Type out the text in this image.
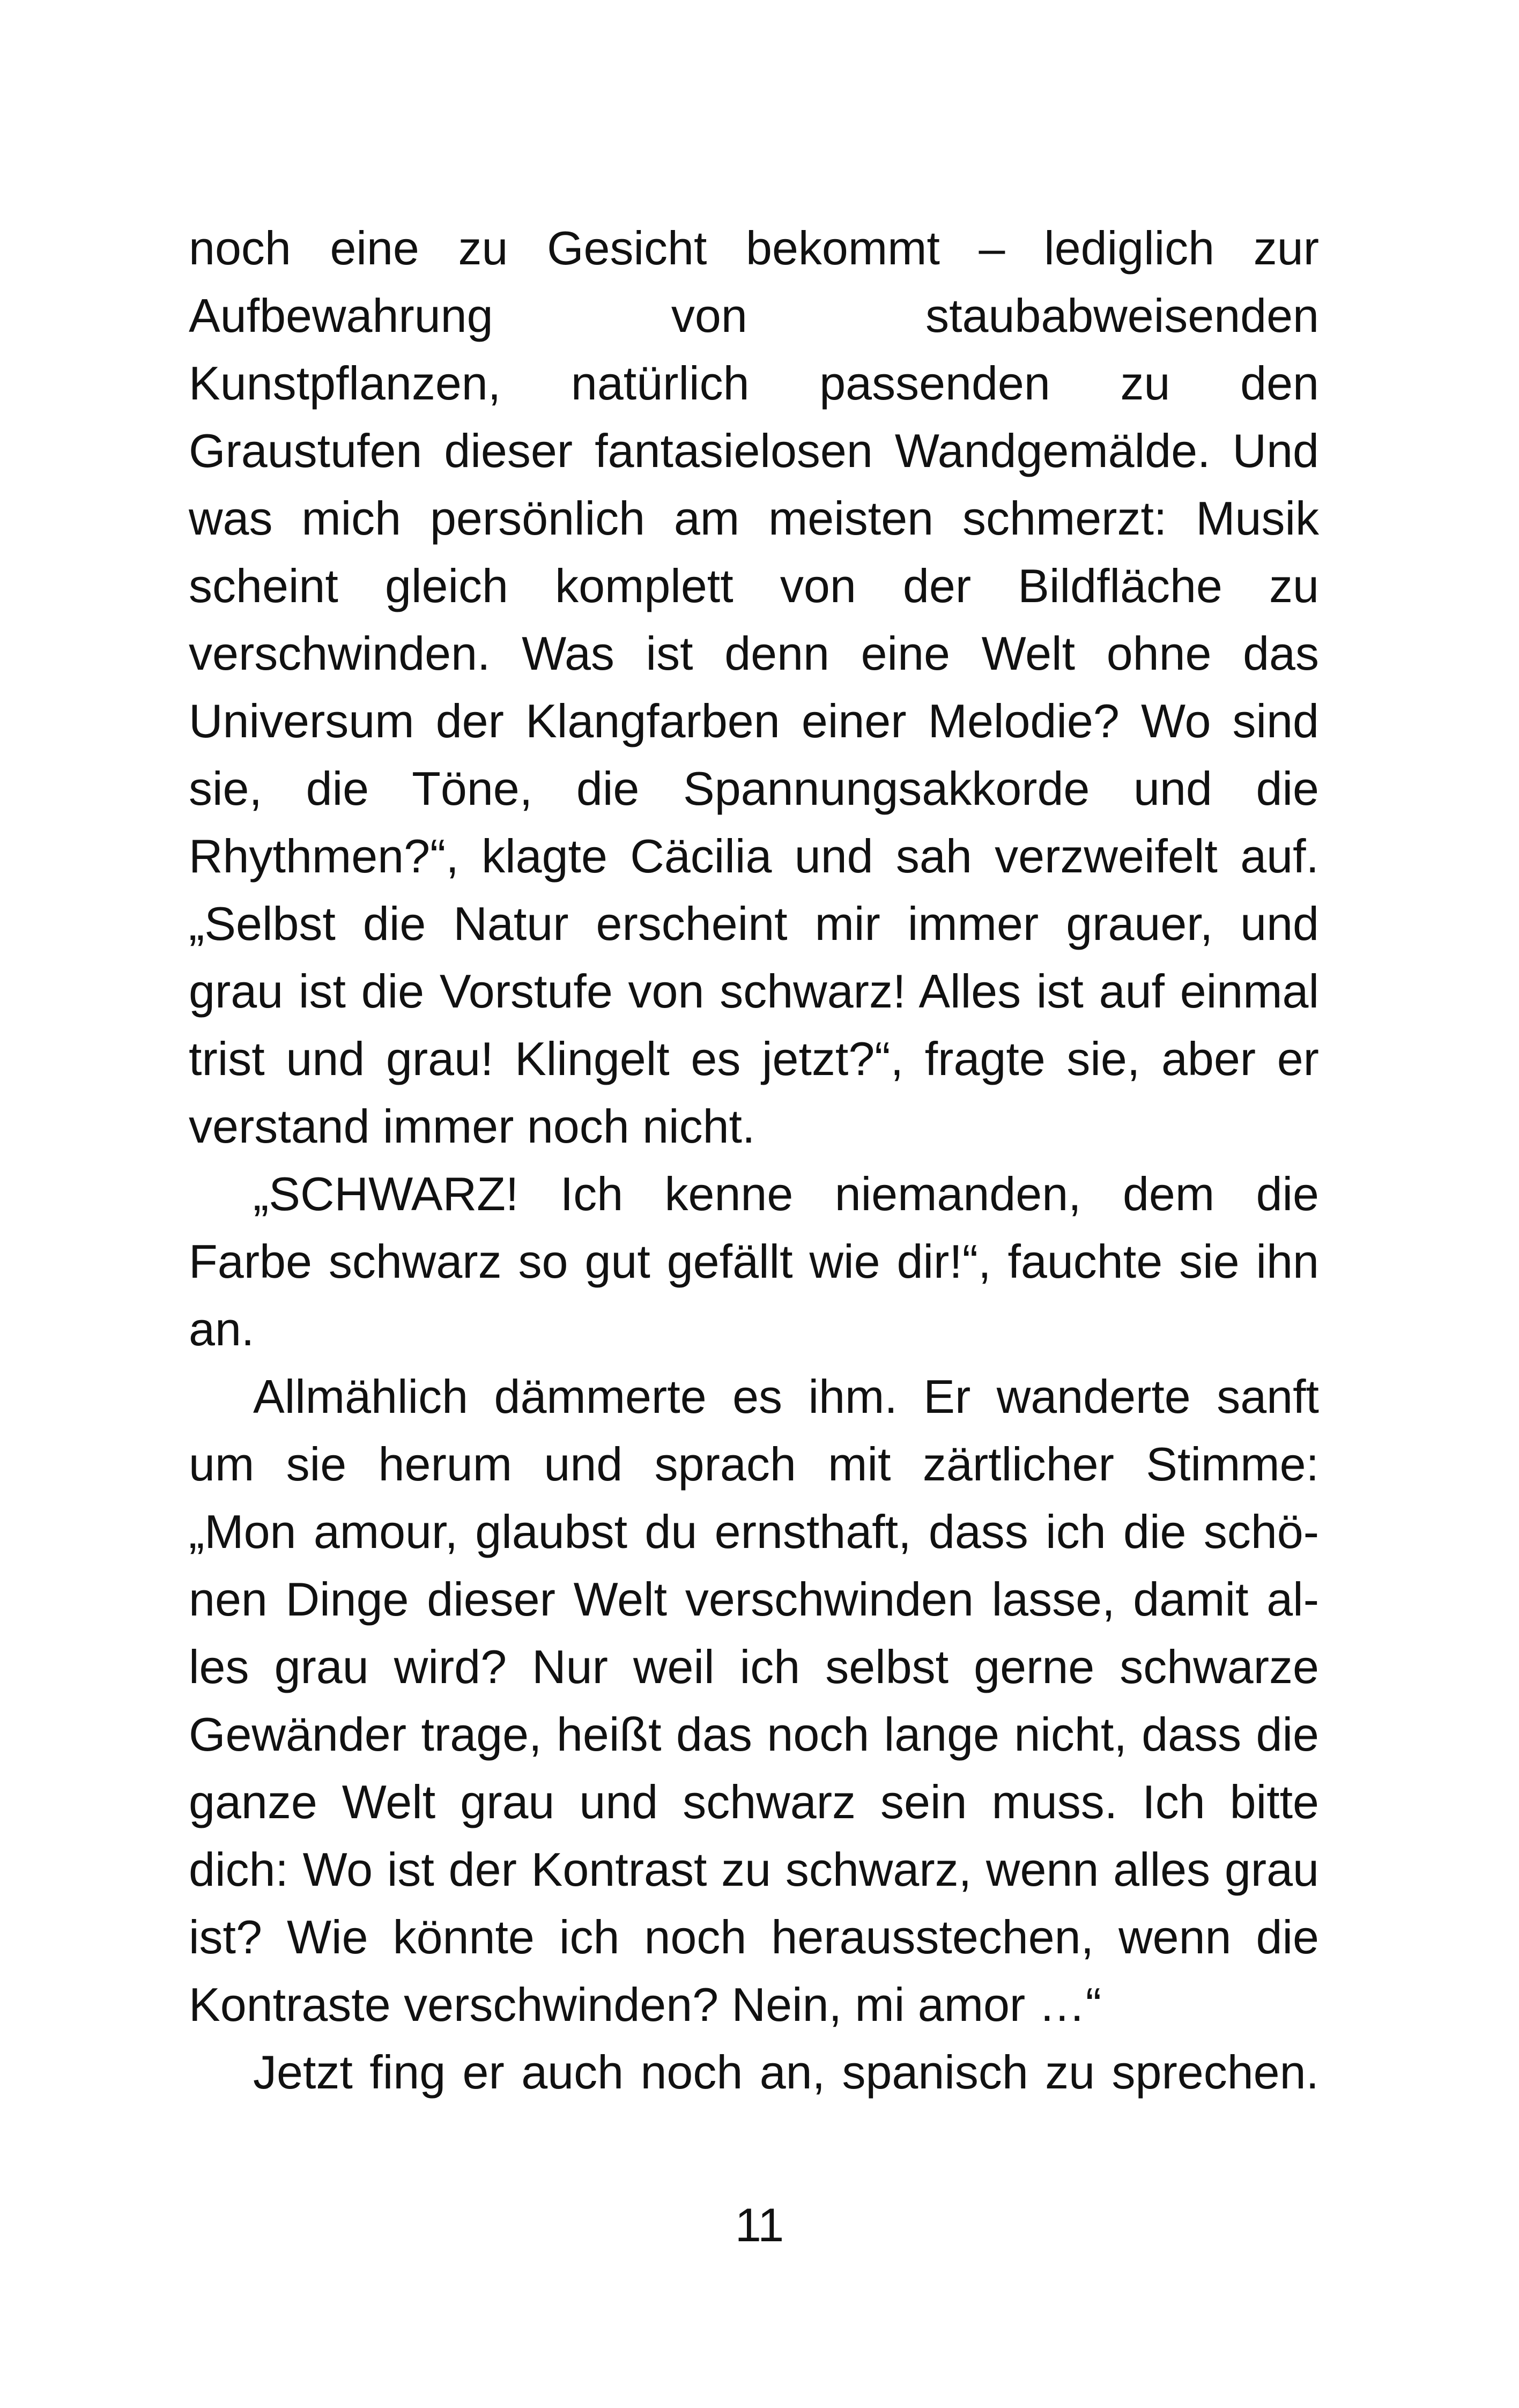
noch eine zu Gesicht bekommt – lediglich zur
Aufbewahrung von staubabweisenden
Kunstpflanzen, natürlich passenden zu den
Graustufen dieser fantasielosen Wandgemälde. Und
was mich persönlich am meisten schmerzt: Musik
scheint gleich komplett von der Bildfläche zu
verschwinden. Was ist denn eine Welt ohne das
Universum der Klangfarben einer Melodie? Wo sind
sie, die Töne, die Spannungsakkorde und die
Rhythmen?“, klagte Cäcilia und sah verzweifelt auf.
„Selbst die Natur erscheint mir immer grauer, und
grau ist die Vorstufe von schwarz! Alles ist auf einmal
trist und grau! Klingelt es jetzt?“, fragte sie, aber er
verstand immer noch nicht.
„SCHWARZ! Ich kenne niemanden, dem die
Farbe schwarz so gut gefällt wie dir!“, fauchte sie ihn
an.
Allmählich dämmerte es ihm. Er wanderte sanft
um sie herum und sprach mit zärtlicher Stimme:
„Mon amour, glaubst du ernsthaft, dass ich die schö-
nen Dinge dieser Welt verschwinden lasse, damit al-
les grau wird? Nur weil ich selbst gerne schwarze
Gewänder trage, heißt das noch lange nicht, dass die
ganze Welt grau und schwarz sein muss. Ich bitte
dich: Wo ist der Kontrast zu schwarz, wenn alles grau
ist? Wie könnte ich noch herausstechen, wenn die
Kontraste verschwinden? Nein, mi amor …“
Jetzt fing er auch noch an, spanisch zu sprechen.
11
